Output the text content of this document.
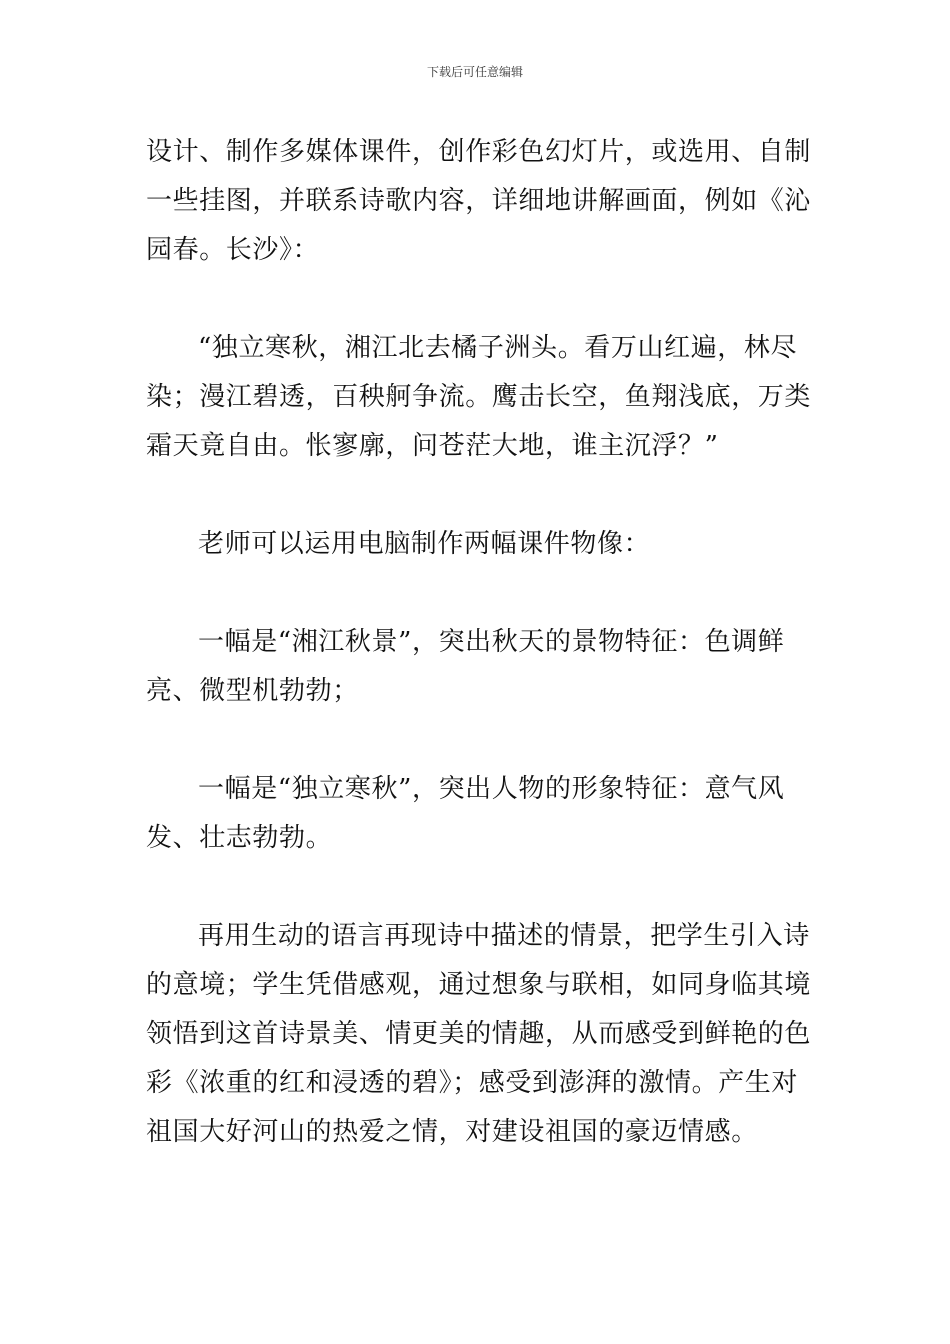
下载后可任意编辑

设计、制作多媒体课件，创作彩色幻灯片，或选用、自制
一些挂图，并联系诗歌内容，详细地讲解画面，例如《沁
园春。长沙》：

“独立寒秋，湘江北去橘子洲头。看万山红遍，林尽
染；漫江碧透，百秧舸争流。鹰击长空，鱼翔浅底，万类
霜天竟自由。怅寥廓，问苍茫大地，谁主沉浮？”

老师可以运用电脑制作两幅课件物像：

一幅是“湘江秋景”，突出秋天的景物特征：色调鲜
亮、微型机勃勃；

一幅是“独立寒秋”，突出人物的形象特征：意气风
发、壮志勃勃。

再用生动的语言再现诗中描述的情景，把学生引入诗
的意境；学生凭借感观，通过想象与联相，如同身临其境
领悟到这首诗景美、情更美的情趣，从而感受到鲜艳的色
彩《浓重的红和浸透的碧》；感受到澎湃的激情。产生对
祖国大好河山的热爱之情，对建设祖国的豪迈情感。
